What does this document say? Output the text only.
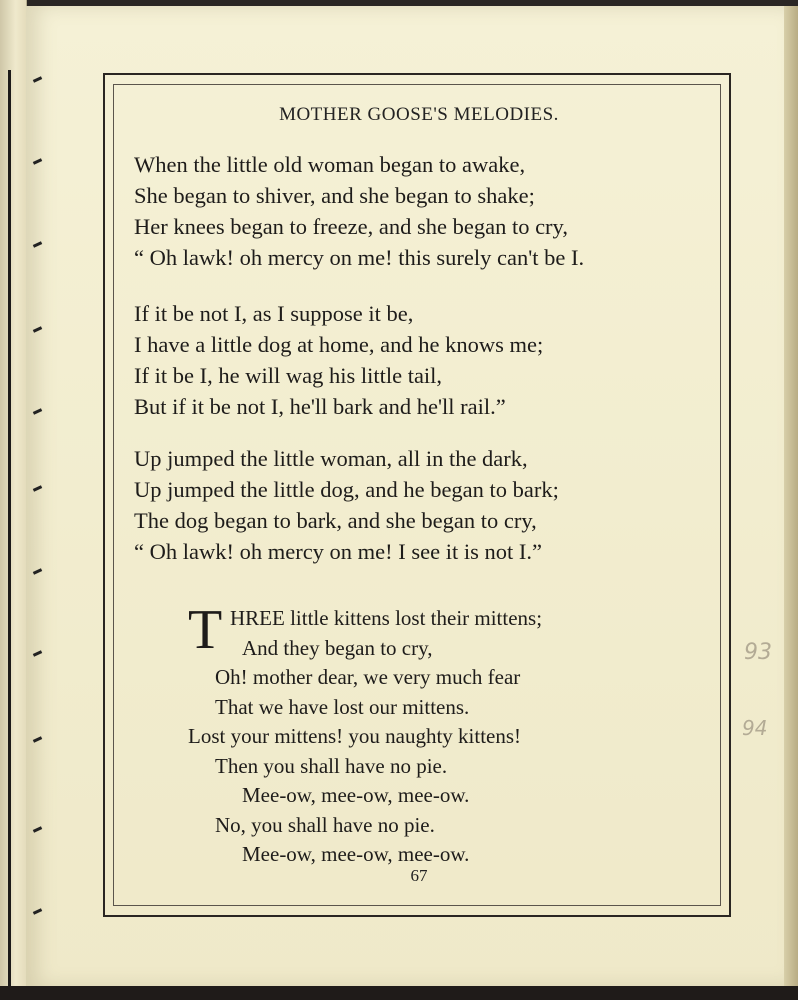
MOTHER GOOSE'S MELODIES.
When the little old woman began to awake,
She began to shiver, and she began to shake;
Her knees began to freeze, and she began to cry,
“ Oh lawk! oh mercy on me! this surely can't be I.
If it be not I, as I suppose it be,
I have a little dog at home, and he knows me;
If it be I, he will wag his little tail,
But if it be not I, he'll bark and he'll rail.”
Up jumped the little woman, all in the dark,
Up jumped the little dog, and he began to bark;
The dog began to bark, and she began to cry,
“ Oh lawk! oh mercy on me! I see it is not I.”
T HREE little kittens lost their mittens;
And they began to cry,
Oh! mother dear, we very much fear
That we have lost our mittens.
Lost your mittens! you naughty kittens!
Then you shall have no pie.
Mee-ow, mee-ow, mee-ow.
No, you shall have no pie.
Mee-ow, mee-ow, mee-ow.
67
93
94
